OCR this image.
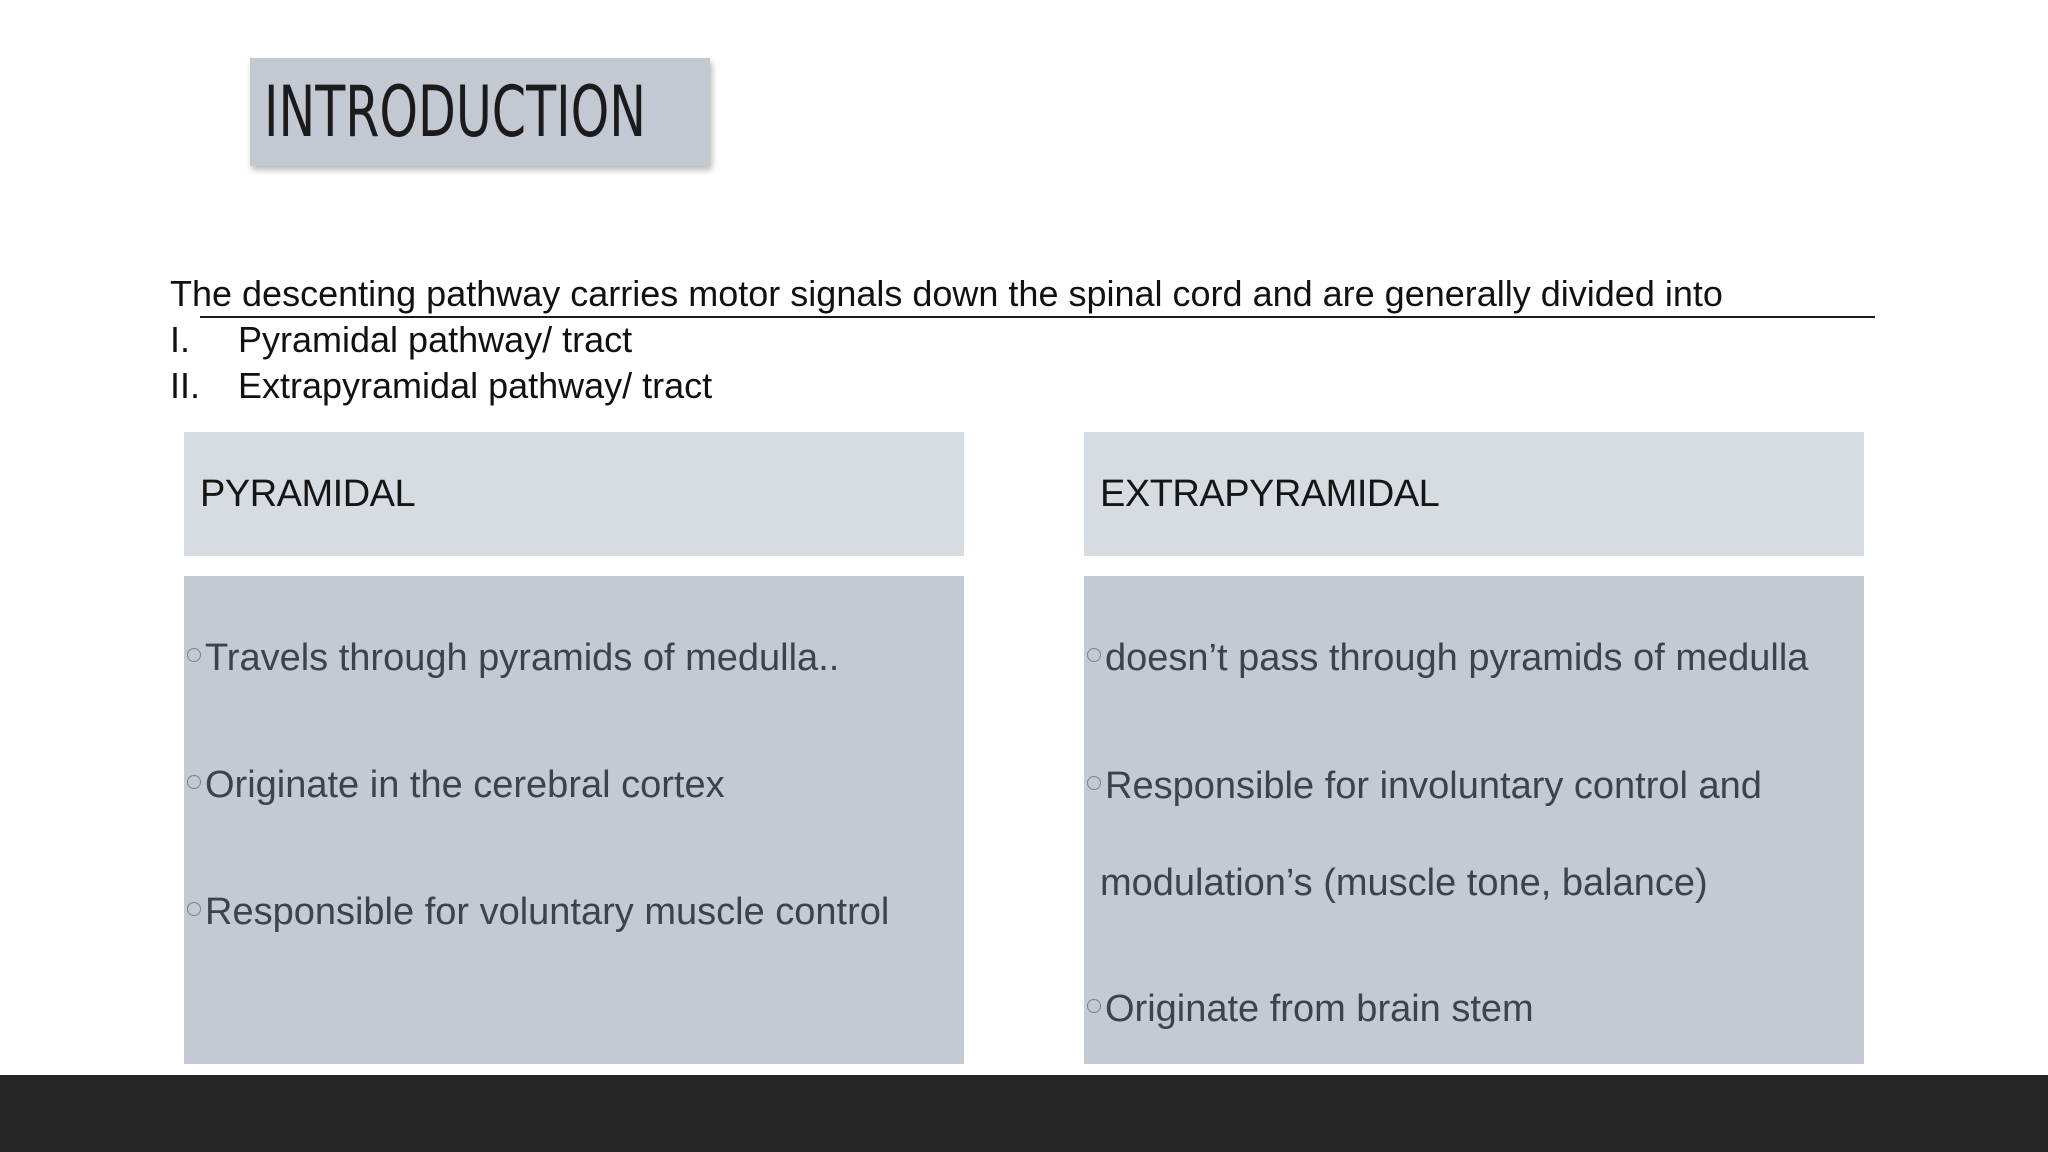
INTRODUCTION
The descenting pathway carries motor signals down the spinal cord and are generally divided into
I. Pyramidal pathway/ tract
II. Extrapyramidal pathway/ tract
PYRAMIDAL
Travels through pyramids of medulla..
Originate in the cerebral cortex
Responsible for voluntary muscle control
EXTRAPYRAMIDAL
doesn’t pass through pyramids of medulla
Responsible for involuntary control and
modulation’s (muscle tone, balance)
Originate from brain stem
